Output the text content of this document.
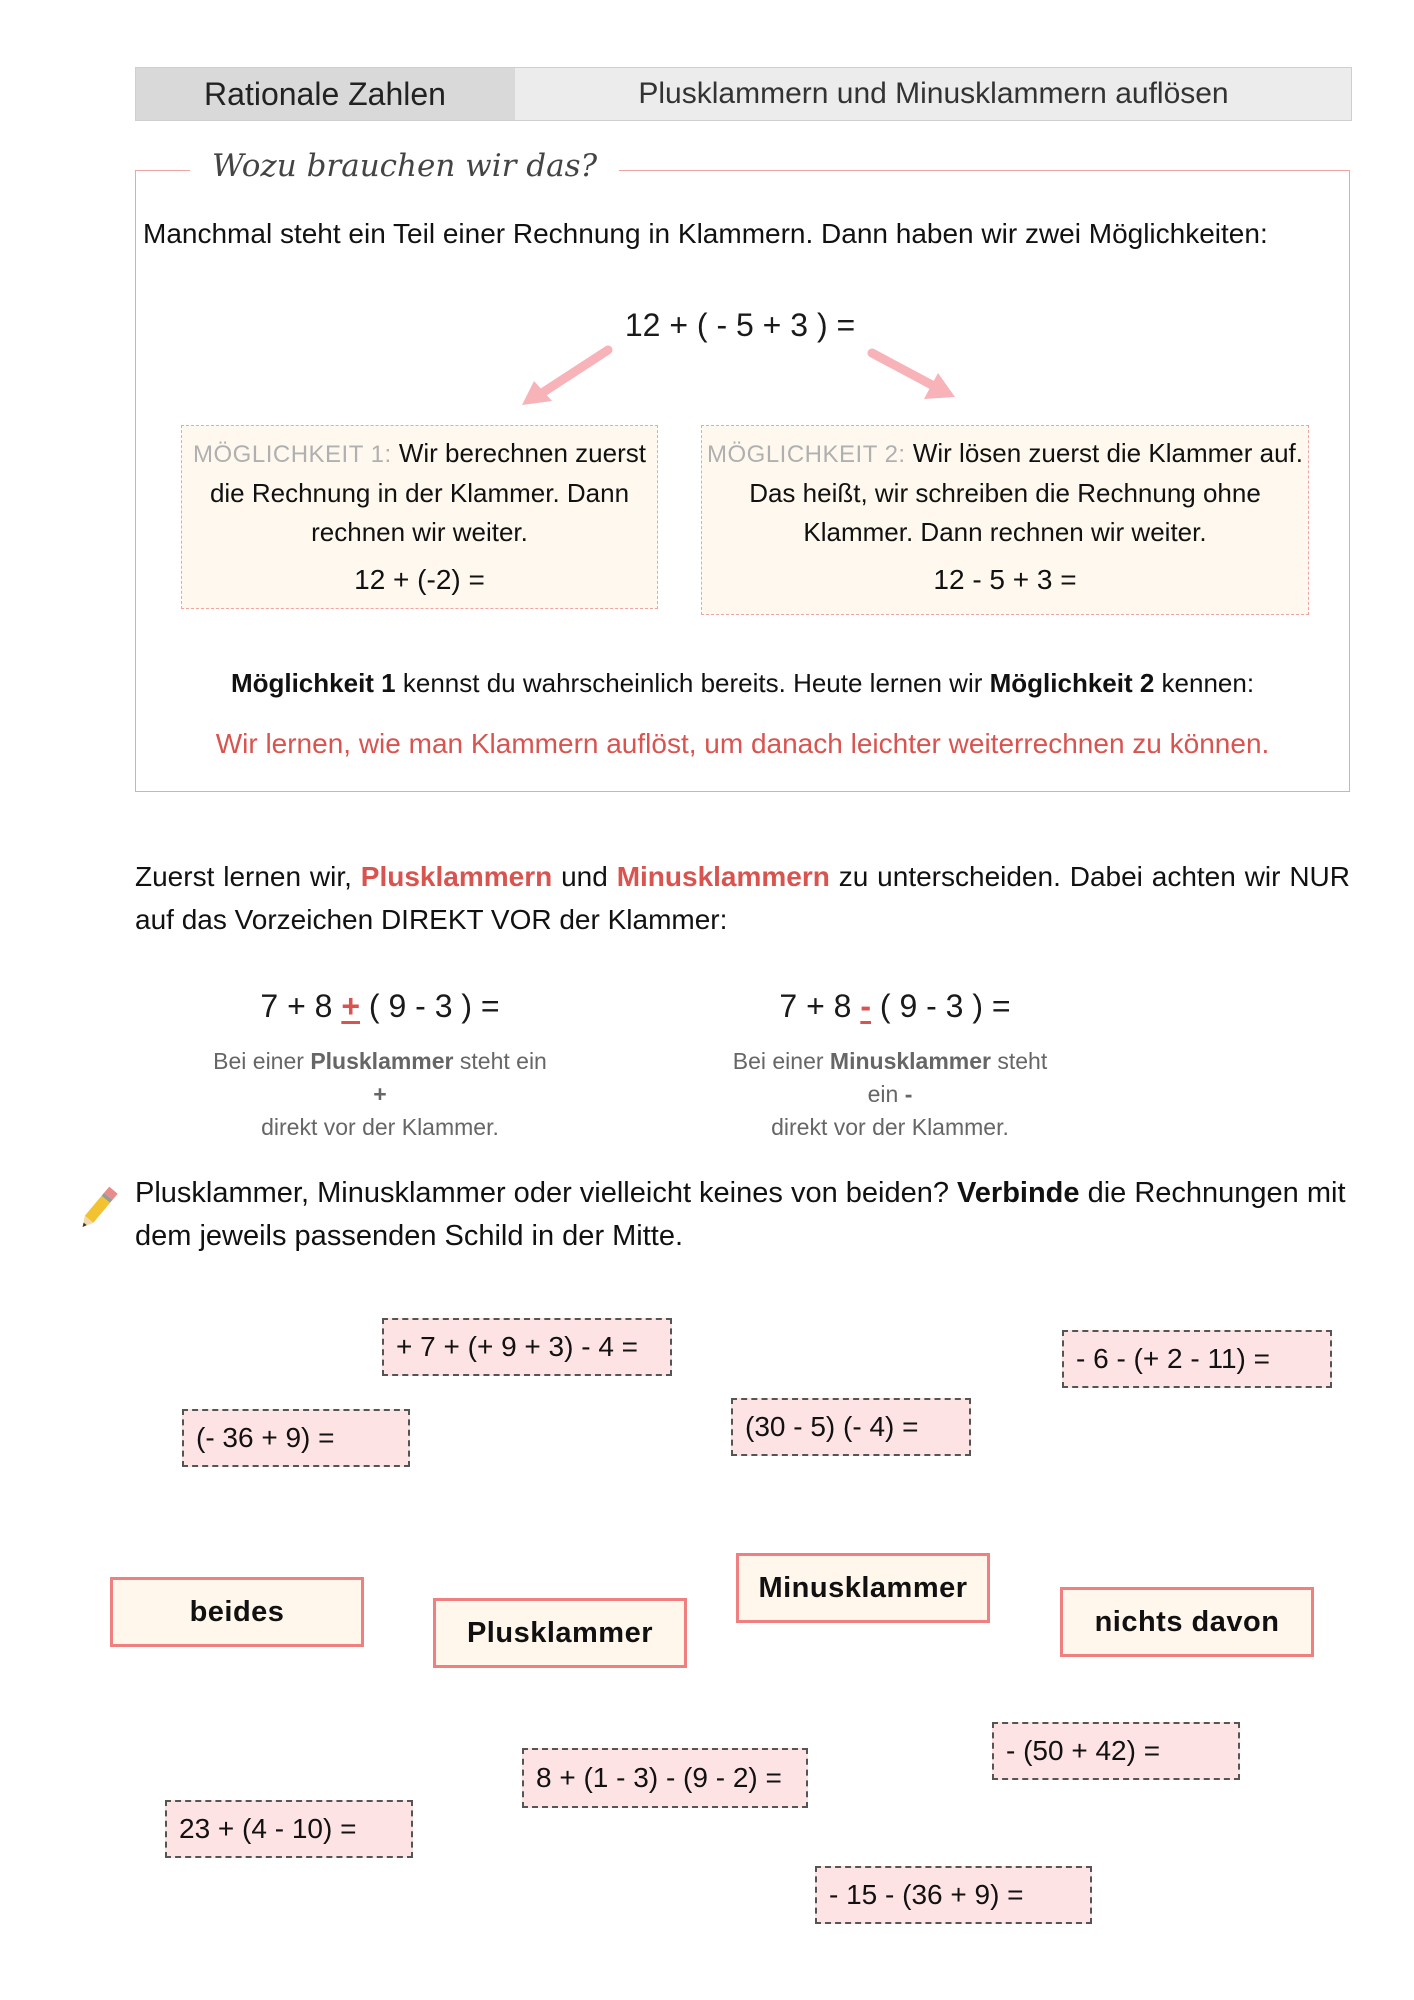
Rationale Zahlen	Plusklammern und Minusklammern auflösen
Wozu brauchen wir das?
Manchmal steht ein Teil einer Rechnung in Klammern. Dann haben wir zwei Möglichkeiten:
12 + ( - 5 + 3 ) =
MÖGLICHKEIT 1: Wir berechnen zuerst die Rechnung in der Klammer. Dann rechnen wir weiter.
12 + (-2) =
MÖGLICHKEIT 2: Wir lösen zuerst die Klammer auf. Das heißt, wir schreiben die Rechnung ohne Klammer. Dann rechnen wir weiter.
12 - 5 + 3 =
Möglichkeit 1 kennst du wahrscheinlich bereits. Heute lernen wir Möglichkeit 2 kennen:
Wir lernen, wie man Klammern auflöst, um danach leichter weiterrechnen zu können.
Zuerst lernen wir, Plusklammern und Minusklammern zu unterscheiden. Dabei achten wir NUR auf das Vorzeichen DIREKT VOR der Klammer:
7 + 8 + ( 9 - 3 ) =	7 + 8 - ( 9 - 3 ) =
Bei einer Plusklammer steht ein +
direkt vor der Klammer.
Bei einer Minusklammer steht ein -
direkt vor der Klammer.
Plusklammer, Minusklammer oder vielleicht keines von beiden? Verbinde die Rechnungen mit dem jeweils passenden Schild in der Mitte.
+ 7 + (+ 9 + 3) - 4 =	- 6 - (+ 2 - 11) =
(- 36 + 9) =	(30 - 5) (- 4) =
beides
Plusklammer
Minusklammer
nichts davon
- (50 + 42) =
8 + (1 - 3) - (9 - 2) =
23 + (4 - 10) =
- 15 - (36 + 9) =
